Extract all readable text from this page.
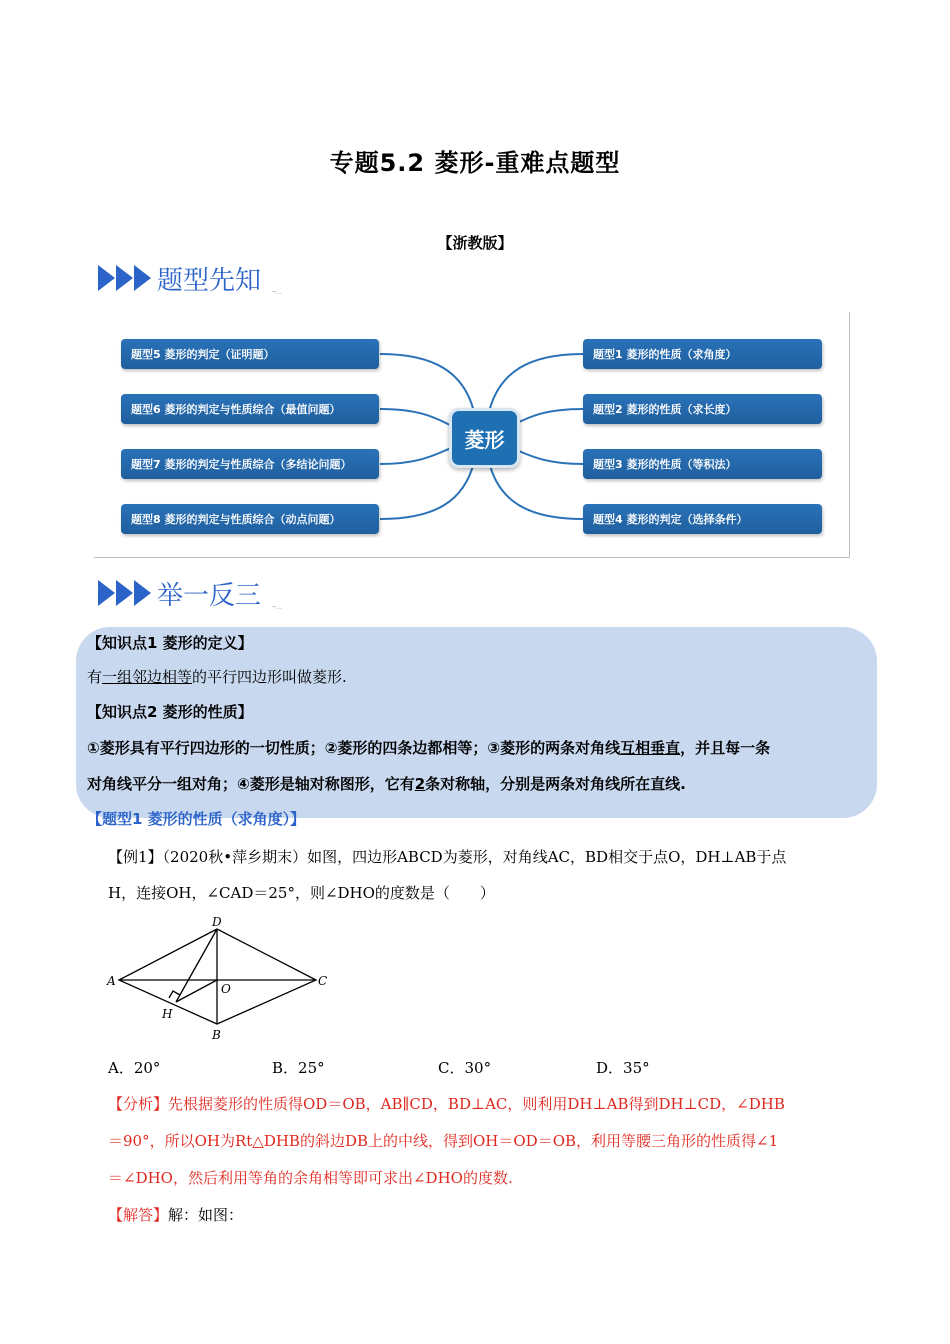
专题5.2 菱形-重难点题型
【浙教版】
题型先知 ¬...
题型5 菱形的判定（证明题）
题型6 菱形的判定与性质综合（最值问题）
题型7 菱形的判定与性质综合（多结论问题）
题型8 菱形的判定与性质综合（动点问题）
题型1 菱形的性质（求角度）
题型2 菱形的性质（求长度）
题型3 菱形的性质（等积法）
题型4 菱形的判定（选择条件）
菱形
举一反三 ¬...
【知识点1 菱形的定义】
有一组邻边相等的平行四边形叫做菱形.
【知识点2 菱形的性质】
①菱形具有平行四边形的一切性质；②菱形的四条边都相等；③菱形的两条对角线互相垂直，并且每一条
对角线平分一组对角；④菱形是轴对称图形，它有2条对称轴，分别是两条对角线所在直线.
【题型1 菱形的性质（求角度）】
【例1】（2020秋•萍乡期末）如图，四边形ABCD为菱形，对角线AC，BD相交于点O，DH⊥AB于点
H，连接OH，∠CAD＝25°，则∠DHO的度数是（　　）
D
A
O
C
H
B
A．20°	B．25°	C．30°	D．35°
【分析】先根据菱形的性质得OD＝OB，AB∥CD，BD⊥AC，则利用DH⊥AB得到DH⊥CD，∠DHB
＝90°，所以OH为Rt△DHB的斜边DB上的中线，得到OH＝OD＝OB，利用等腰三角形的性质得∠1
＝∠DHO，然后利用等角的余角相等即可求出∠DHO的度数.
【解答】解：如图：
